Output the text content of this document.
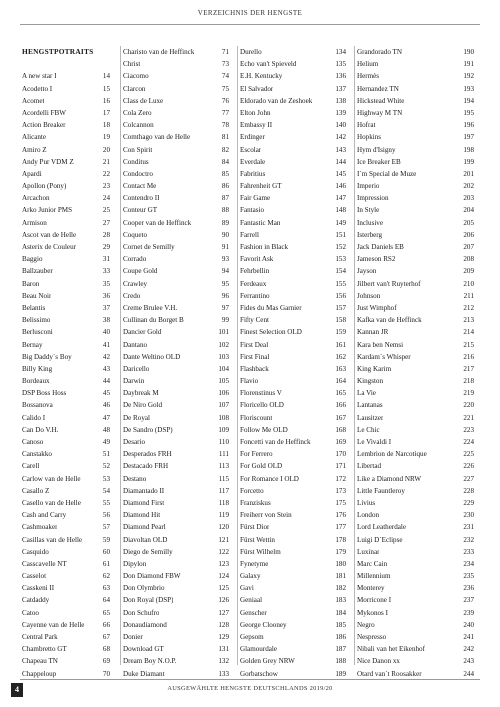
VERZEICHNIS DER HENGSTE
HENGSTPOTRAITS
A new star I	14
Acodetto I	15
Acomet	16
Acordelli FBW	17
Action Breaker	18
Alicante	19
Amiro Z	20
Andy Pur VDM Z	21
Apardi	22
Apollon (Pony)	23
Arcachon	24
Arko Junior PMS	25
Armison	27
Ascot van de Helle	28
Asterix de Couleur	29
Baggio	31
Ballzauber	33
Baron	35
Beau Noir	36
Belantis	37
Belissimo	38
Berlusconi	40
Bernay	41
Big Daddy´s Boy	42
Billy King	43
Bordeaux	44
DSP Boss Hoss	45
Bossanova	46
Calido I	47
Can Do V.H.	48
Canoso	49
Canstakko	51
Carell	52
Carlow van de Helle	53
Casallo Z	54
Casello van de Helle	55
Cash and Carry	56
Cashmoaker	57
Casillas van de Helle	59
Casquido	60
Casscavelle NT	61
Casselot	62
Casskeni II	63
Catdaddy	64
Catoo	65
Cayenne van de Helle	66
Central Park	67
Chambretto GT	68
Chapeau TN	69
Chappeloup	70
Charisto van de Heffinck	71
Christ	73
Ciacomo	74
Clarcon	75
Class de Luxe	76
Cola Zero	77
Colcannon	78
Comthago van de Helle	81
Con Spirit	82
Conditus	84
Condoctro	85
Contact Me	86
Contendro II	87
Conteur GT	88
Cooper van de Heffinck	89
Coqueto	90
Cornet de Semilly	91
Corrado	93
Coupe Gold	94
Crawley	95
Credo	96
Creme Brulee V.H.	97
Cullinan du Borget B	99
Dancier Gold	101
Dantano	102
Dante Weltino OLD	103
Daricello	104
Darwin	105
Daybreak M	106
De Niro Gold	107
De Royal	108
De Sandro (DSP)	109
Desario	110
Desperados FRH	111
Destacado FRH	113
Destano	115
Diamantado II	117
Diamond First	118
Diamond Hit	119
Diamond Pearl	120
Diavoltan OLD	121
Diego de Semilly	122
Dipylon	123
Don Diamond FBW	124
Don Olymbrio	125
Don Royal (DSP)	126
Don Schufro	127
Donaudiamond	128
Donier	129
Download GT	131
Dream Boy N.O.P.	132
Duke Diamant	133
Durello	134
Echo van't Spieveld	135
E.H. Kentucky	136
El Salvador	137
Eldorado van de Zeshoek	138
Elton John	139
Embassy II	140
Erdinger	142
Escolar	143
Everdale	144
Fabritius	145
Fahrenheit GT	146
Fair Game	147
Fantasio	148
Fantastic Man	149
Farrell	151
Fashion in Black	152
Favorit Ask	153
Fehrbellin	154
Ferdeaux	155
Ferrantino	156
Fides du Mas Garnier	157
Fifty Cent	158
Finest Selection OLD	159
First Deal	161
First Final	162
Flashback	163
Flavio	164
Florenstinus V	165
Floricello OLD	166
Floriscount	167
Follow Me OLD	168
Foncetti van de Heffinck	169
For Ferrero	170
For Gold OLD	171
For Romance I OLD	172
Forcetto	173
Franziskus	175
Freiherr von Stein	176
Fürst Dior	177
Fürst Wettin	178
Fürst Wilhelm	179
Fynetyme	180
Galaxy	181
Gavi	182
Geniaal	183
Genscher	184
George Clooney	185
Gepsom	186
Glamourdale	187
Golden Grey NRW	188
Gorbatschow	189
Grandorado TN	190
Helium	191
Hermès	192
Hernandez TN	193
Hickstead White	194
Highway M TN	195
Hofrat	196
Hopkins	197
Hym d'Isigny	198
Ice Breaker EB	199
I´m Special de Muze	201
Imperio	202
Impression	203
In Style	204
Inclusive	205
Isterberg	206
Jack Daniels EB	207
Jameson RS2	208
Jayson	209
Jilbert van't Ruyterhof	210
Johnson	211
Just Wimphof	212
Kafka van de Heffinck	213
Kannan JR	214
Kara ben Nemsi	215
Kardam´s Whisper	216
King Karim	217
Kingston	218
La Vie	219
Lantanas	220
Lausitzer	221
Le Chic	223
Le Vivaldi I	224
Lembrion de Narcotique	225
Libertad	226
Like a Diamond NRW	227
Little Fauntleroy	228
Livius	229
London	230
Lord Leatherdale	231
Luigi D´Eclipse	232
Luxinar	233
Marc Cain	234
Millennium	235
Monterey	236
Morricone I	237
Mykonos I	239
Negro	240
Nespresso	241
Nibali van het Eikenhof	242
Nice Danon xx	243
Otard van´t Roosakker	244
4	AUSGEWÄHLTE HENGSTE DEUTSCHLANDS 2019/20
